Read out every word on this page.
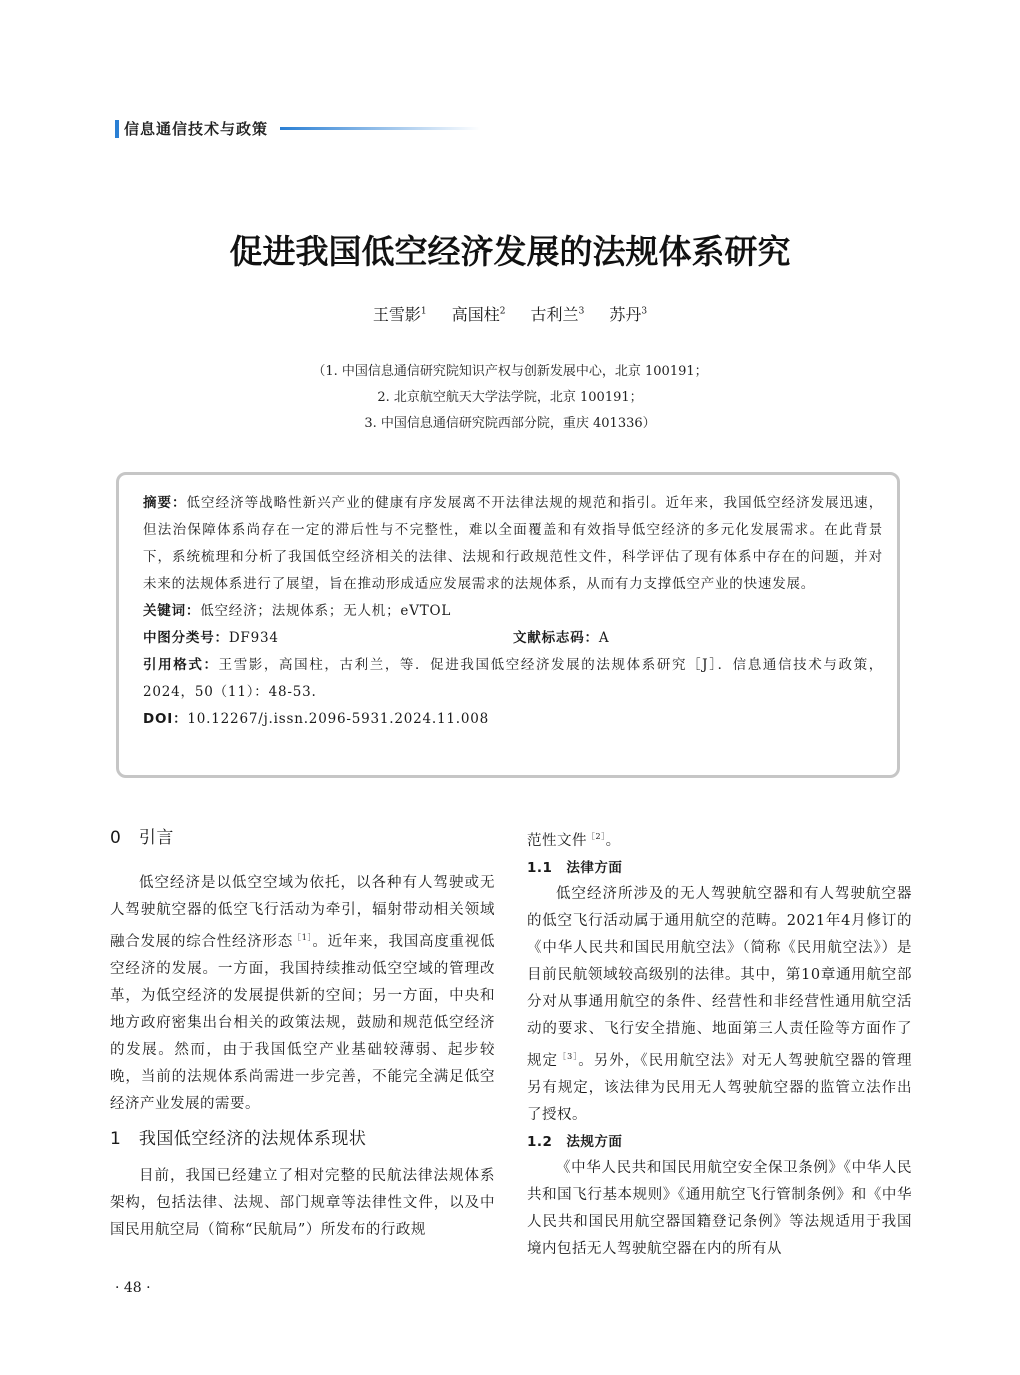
信息通信技术与政策
促进我国低空经济发展的法规体系研究
王雪影$^1$ 高国柱$^2$ 古利兰$^3$ 苏丹$^3$
（1. 中国信息通信研究院知识产权与创新发展中心，北京 100191；
2. 北京航空航天大学法学院，北京 100191；
3. 中国信息通信研究院西部分院，重庆 401336）
摘要：低空经济等战略性新兴产业的健康有序发展离不开法律法规的规范和指引。近年来，我国低空经济发展迅速，但法治保障体系尚存在一定的滞后性与不完整性，难以全面覆盖和有效指导低空经济的多元化发展需求。在此背景下，系统梳理和分析了我国低空经济相关的法律、法规和行政规范性文件，科学评估了现有体系中存在的问题，并对未来的法规体系进行了展望，旨在推动形成适应发展需求的法规体系，从而有力支撑低空产业的快速发展。
关键词：低空经济；法规体系；无人机；eVTOL
中图分类号：DF934	文献标志码：A
引用格式：王雪影，高国柱，古利兰，等．促进我国低空经济发展的法规体系研究［J］．信息通信技术与政策，2024，50（11）：48-53.
DOI：10.12267/j.issn.2096-5931.2024.11.008
0　引言

低空经济是以低空空域为依托，以各种有人驾驶或无人驾驶航空器的低空飞行活动为牵引，辐射带动相关领域融合发展的综合性经济形态$^{[1]}$。近年来，我国高度重视低空经济的发展。一方面，我国持续推动低空空域的管理改革，为低空经济的发展提供新的空间；另一方面，中央和地方政府密集出台相关的政策法规，鼓励和规范低空经济的发展。然而，由于我国低空产业基础较薄弱、起步较晚，当前的法规体系尚需进一步完善，不能完全满足低空经济产业发展的需要。

1　我国低空经济的法规体系现状

目前，我国已经建立了相对完整的民航法律法规体系架构，包括法律、法规、部门规章等法律性文件，以及中国民用航空局（简称“民航局”）所发布的行政规

范性文件$^{[2]}$。
1.1　法律方面

低空经济所涉及的无人驾驶航空器和有人驾驶航空器的低空飞行活动属于通用航空的范畴。2021年4月修订的《中华人民共和国民用航空法》（简称《民用航空法》）是目前民航领域较高级别的法律。其中，第10章通用航空部分对从事通用航空的条件、经营性和非经营性通用航空活动的要求、飞行安全措施、地面第三人责任险等方面作了规定$^{[3]}$。另外，《民用航空法》对无人驾驶航空器的管理另有规定，该法律为民用无人驾驶航空器的监管立法作出了授权。

1.2　法规方面

《中华人民共和国民用航空安全保卫条例》《中华人民共和国飞行基本规则》《通用航空飞行管制条例》和《中华人民共和国民用航空器国籍登记条例》等法规适用于我国境内包括无人驾驶航空器在内的所有从

· 48 ·
